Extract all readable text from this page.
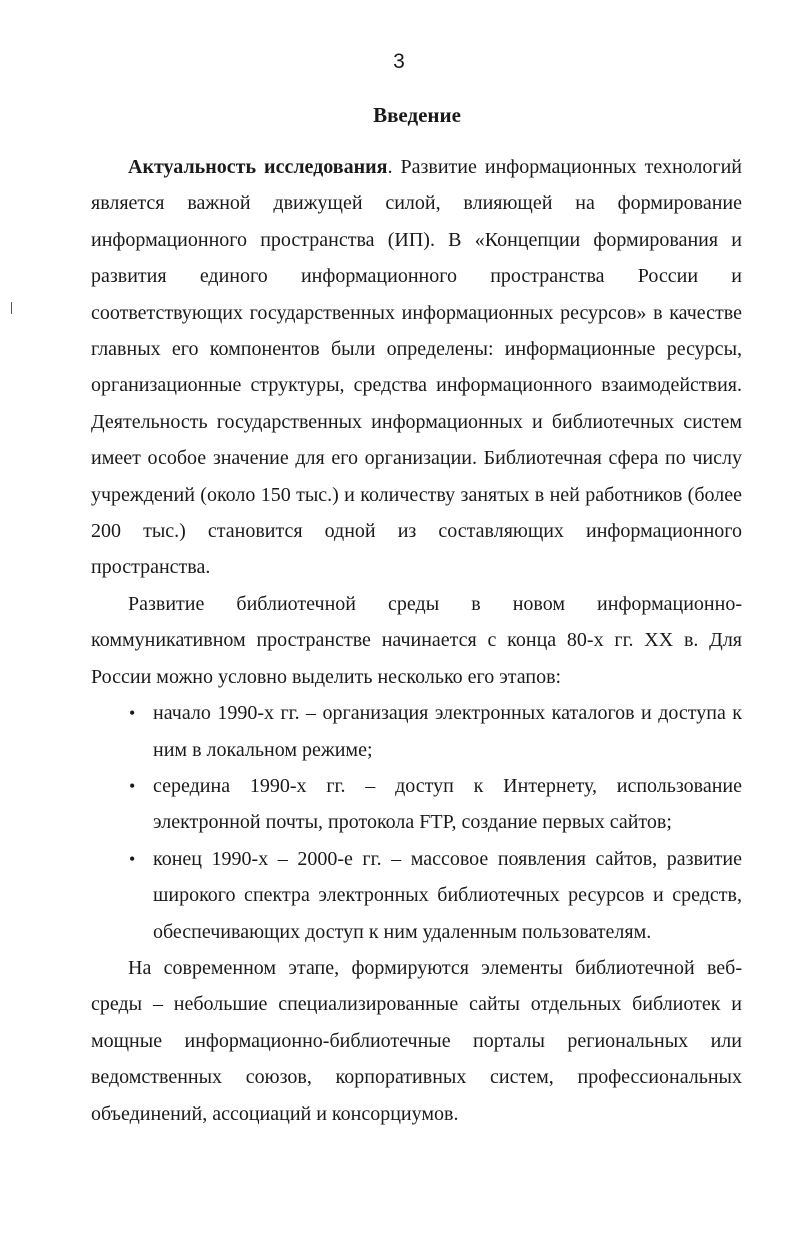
3
Введение

Актуальность исследования. Развитие информационных технологий является важной движущей силой, влияющей на формирование информационного пространства (ИП). В «Концепции формирования и развития единого информационного пространства России и соответствующих государственных информационных ресурсов» в качестве главных его компонентов были определены: информационные ресурсы, организационные структуры, средства информационного взаимодействия. Деятельность государственных информационных и библиотечных систем имеет особое значение для его организации. Библиотечная сфера по числу учреждений (около 150 тыс.) и количеству занятых в ней работников (более 200 тыс.) становится одной из составляющих информационного пространства.

Развитие библиотечной среды в новом информационно-коммуникативном пространстве начинается с конца 80-х гг. XX в. Для России можно условно выделить несколько его этапов:

• начало 1990-х гг. – организация электронных каталогов и доступа к ним в локальном режиме;
• середина 1990-х гг. – доступ к Интернету, использование электронной почты, протокола FTP, создание первых сайтов;
• конец 1990-х – 2000-е гг. – массовое появления сайтов, развитие широкого спектра электронных библиотечных ресурсов и средств, обеспечивающих доступ к ним удаленным пользователям.

На современном этапе, формируются элементы библиотечной веб-среды – небольшие специализированные сайты отдельных библиотек и мощные информационно-библиотечные порталы региональных или ведомственных союзов, корпоративных систем, профессиональных объединений, ассоциаций и консорциумов.
